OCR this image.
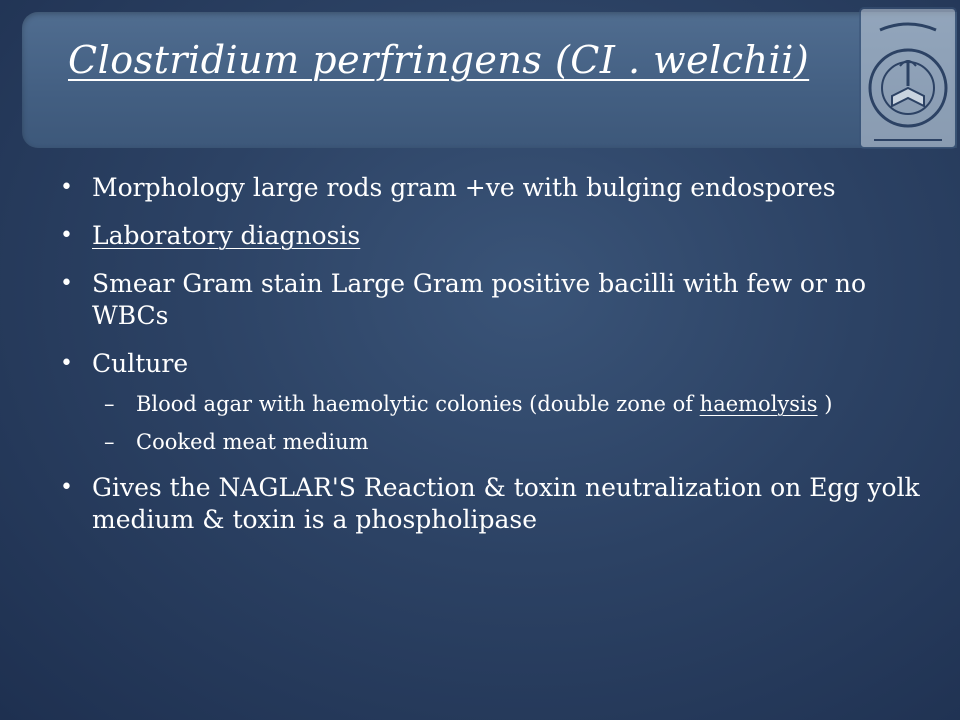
Clostridium perfringens (CI . welchii)
• Morphology large rods gram +ve with bulging endospores
• Laboratory diagnosis
• Smear Gram stain Large Gram positive bacilli with few or no WBCs
• Culture
– Blood agar with haemolytic colonies (double zone of haemolysis )
– Cooked meat medium
• Gives the NAGLAR'S Reaction & toxin neutralization on Egg yolk medium & toxin is a phospholipase
